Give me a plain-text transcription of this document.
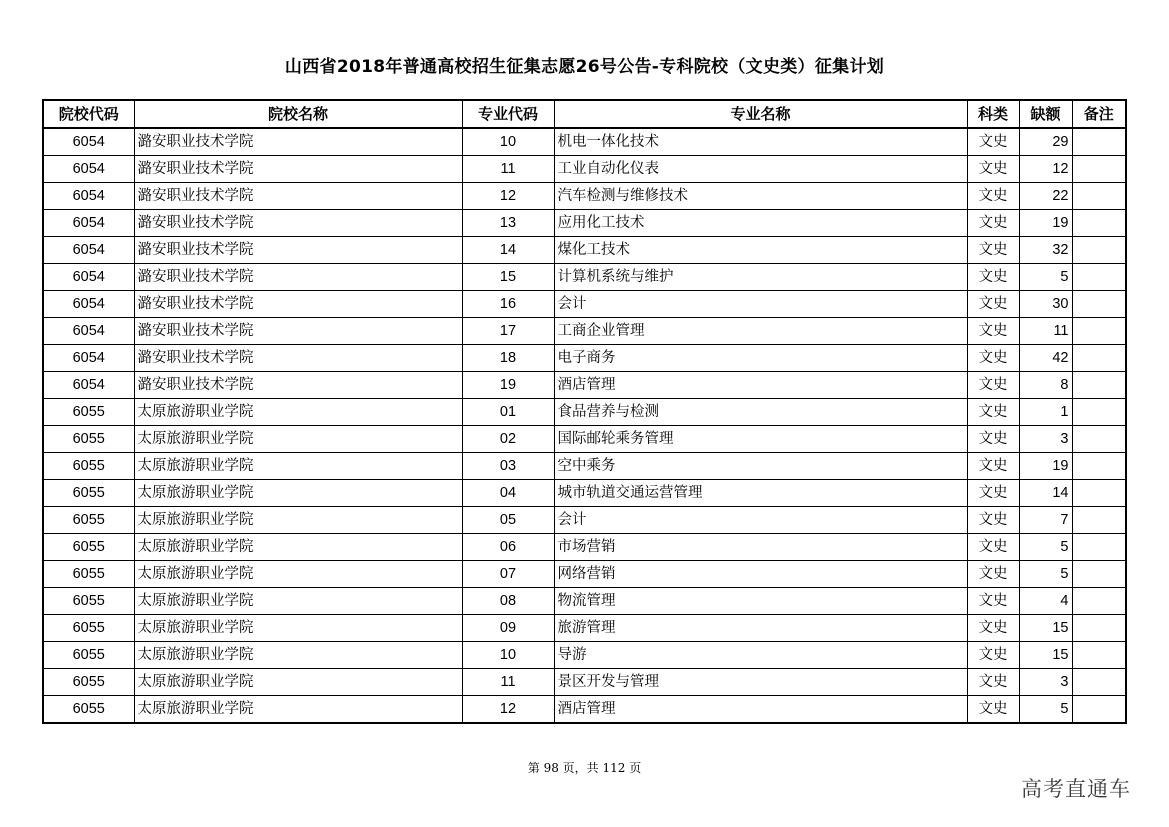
山西省2018年普通高校招生征集志愿26号公告-专科院校（文史类）征集计划
院校代码	院校名称	专业代码	专业名称	科类	缺额	备注
6054	潞安职业技术学院	10	机电一体化技术	文史	29	
6054	潞安职业技术学院	11	工业自动化仪表	文史	12	
6054	潞安职业技术学院	12	汽车检测与维修技术	文史	22	
6054	潞安职业技术学院	13	应用化工技术	文史	19	
6054	潞安职业技术学院	14	煤化工技术	文史	32	
6054	潞安职业技术学院	15	计算机系统与维护	文史	5	
6054	潞安职业技术学院	16	会计	文史	30	
6054	潞安职业技术学院	17	工商企业管理	文史	11	
6054	潞安职业技术学院	18	电子商务	文史	42	
6054	潞安职业技术学院	19	酒店管理	文史	8	
6055	太原旅游职业学院	01	食品营养与检测	文史	1	
6055	太原旅游职业学院	02	国际邮轮乘务管理	文史	3	
6055	太原旅游职业学院	03	空中乘务	文史	19	
6055	太原旅游职业学院	04	城市轨道交通运营管理	文史	14	
6055	太原旅游职业学院	05	会计	文史	7	
6055	太原旅游职业学院	06	市场营销	文史	5	
6055	太原旅游职业学院	07	网络营销	文史	5	
6055	太原旅游职业学院	08	物流管理	文史	4	
6055	太原旅游职业学院	09	旅游管理	文史	15	
6055	太原旅游职业学院	10	导游	文史	15	
6055	太原旅游职业学院	11	景区开发与管理	文史	3	
6055	太原旅游职业学院	12	酒店管理	文史	5	
第 98 页，共 112 页
高考直通车
